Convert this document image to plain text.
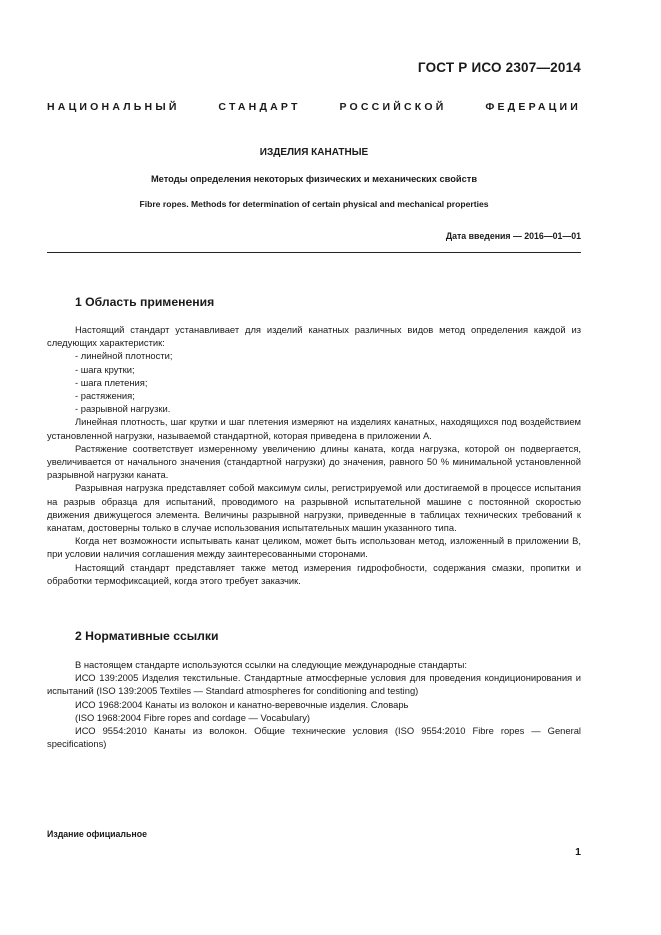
ГОСТ Р ИСО 2307—2014
НАЦИОНАЛЬНЫЙ СТАНДАРТ РОССИЙСКОЙ ФЕДЕРАЦИИ
ИЗДЕЛИЯ КАНАТНЫЕ
Методы определения некоторых физических и механических свойств
Fibre ropes. Methods for determination of certain physical and mechanical properties
Дата введения — 2016—01—01
1 Область применения

Настоящий стандарт устанавливает для изделий канатных различных видов метод определения каждой из следующих характеристик:

- линейной плотности;

- шага крутки;

- шага плетения;

- растяжения;

- разрывной нагрузки.

Линейная плотность, шаг крутки и шаг плетения измеряют на изделиях канатных, находящихся под воздействием установленной нагрузки, называемой стандартной, которая приведена в приложении А.

Растяжение соответствует измеренному увеличению длины каната, когда нагрузка, которой он подвергается, увеличивается от начального значения (стандартной нагрузки) до значения, равного 50 % минимальной установленной разрывной нагрузки каната.

Разрывная нагрузка представляет собой максимум силы, регистрируемой или достигаемой в процессе испытания на разрыв образца для испытаний, проводимого на разрывной испытательной машине с постоянной скоростью движения движущегося элемента. Величины разрывной нагрузки, приведенные в таблицах технических требований к канатам, достоверны только в случае использования испытательных машин указанного типа.

Когда нет возможности испытывать канат целиком, может быть использован метод, изложенный в приложении В, при условии наличия соглашения между заинтересованными сторонами.

Настоящий стандарт представляет также метод измерения гидрофобности, содержания смазки, пропитки и обработки термофиксацией, когда этого требует заказчик.

2 Нормативные ссылки

В настоящем стандарте используются ссылки на следующие международные стандарты:

ИСО 139:2005 Изделия текстильные. Стандартные атмосферные условия для проведения кондиционирования и испытаний (ISO 139:2005 Textiles — Standard atmospheres for conditioning and testing)

ИСО 1968:2004 Канаты из волокон и канатно-веревочные изделия. Словарь

(ISO 1968:2004 Fibre ropes and cordage — Vocabulary)

ИСО 9554:2010 Канаты из волокон. Общие технические условия (ISO 9554:2010 Fibre ropes — General specifications)

Издание официальное
1
